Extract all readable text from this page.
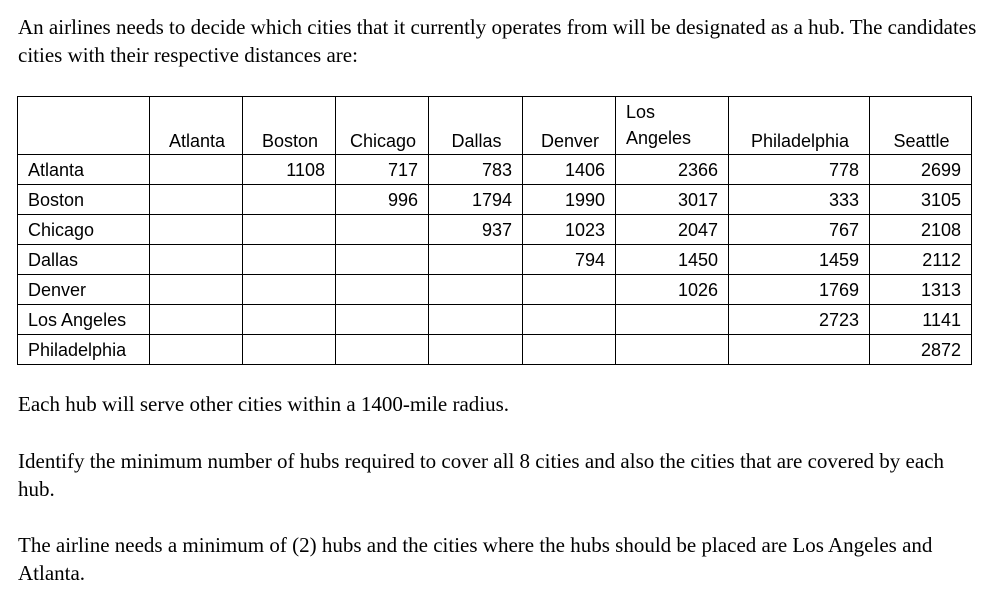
An airlines needs to decide which cities that it currently operates from will be designated as a hub. The candidates cities with their respective distances are:

	Atlanta	Boston	Chicago	Dallas	Denver	Los Angeles	Philadelphia	Seattle
Atlanta		1108	717	783	1406	2366	778	2699
Boston			996	1794	1990	3017	333	3105
Chicago				937	1023	2047	767	2108
Dallas					794	1450	1459	2112
Denver						1026	1769	1313
Los Angeles							2723	1141
Philadelphia								2872

Each hub will serve other cities within a 1400-mile radius.

Identify the minimum number of hubs required to cover all 8 cities and also the cities that are covered by each hub.

The airline needs a minimum of (2) hubs and the cities where the hubs should be placed are Los Angeles and Atlanta.
